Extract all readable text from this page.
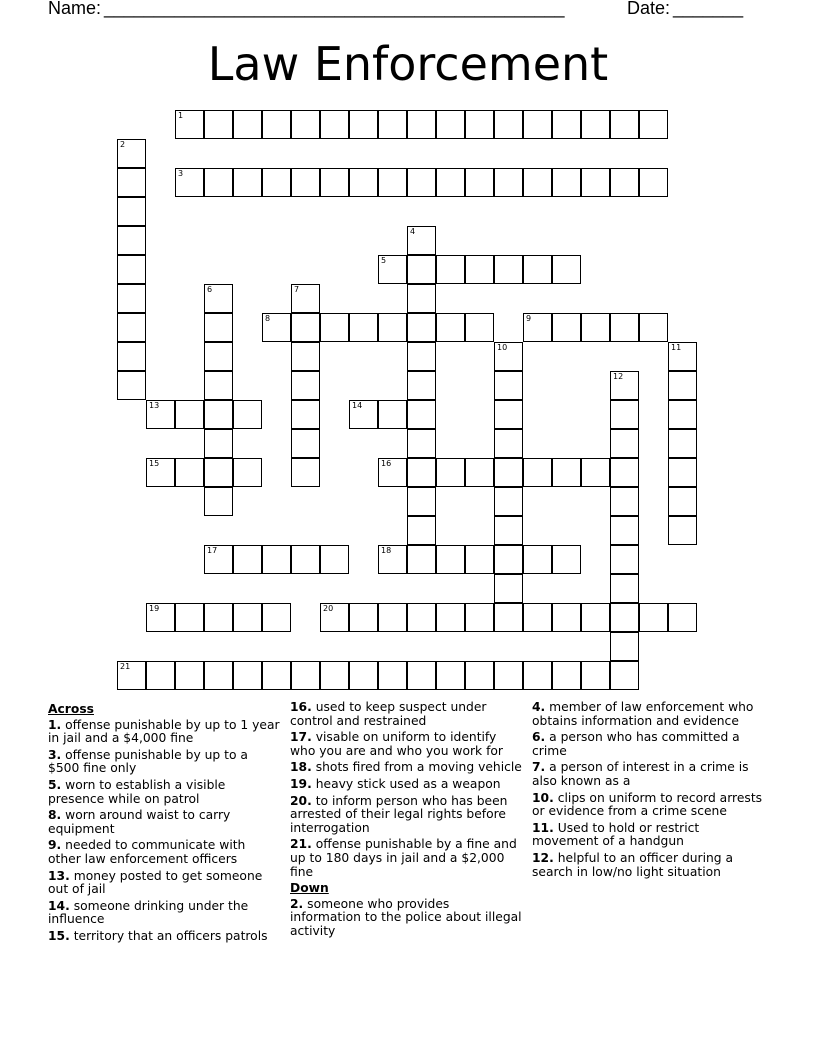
Name: ______________________________________________	Date: _______
Law Enforcement
1
2
3
4
5
6	7
8	9
10	11
12
13	14
15	16
17	18
19	20
21
Across
1. offense punishable by up to 1 year in jail and a $4,000 fine
3. offense punishable by up to a $500 fine only
5. worn to establish a visible presence while on patrol
8. worn around waist to carry equipment
9. needed to communicate with other law enforcement officers
13. money posted to get someone out of jail
14. someone drinking under the influence
15. territory that an officers patrols
16. used to keep suspect under control and restrained
17. visable on uniform to identify who you are and who you work for
18. shots fired from a moving vehicle
19. heavy stick used as a weapon
20. to inform person who has been arrested of their legal rights before interrogation
21. offense punishable by a fine and up to 180 days in jail and a $2,000 fine
Down
2. someone who provides information to the police about illegal activity
4. member of law enforcement who obtains information and evidence
6. a person who has committed a crime
7. a person of interest in a crime is also known as a
10. clips on uniform to record arrests or evidence from a crime scene
11. Used to hold or restrict movement of a handgun
12. helpful to an officer during a search in low/no light situation
